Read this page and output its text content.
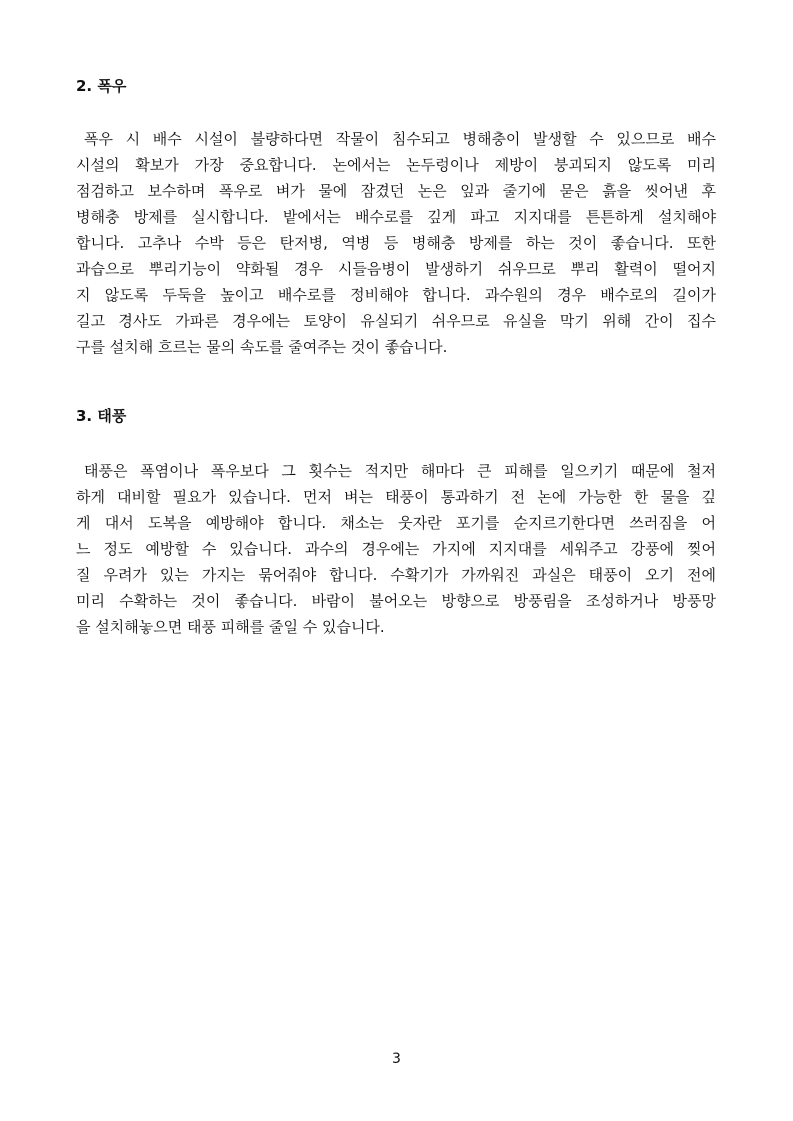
2. 폭우
폭우 시 배수 시설이 불량하다면 작물이 침수되고 병해충이 발생할 수 있으므로 배수
시설의 확보가 가장 중요합니다. 논에서는 논두렁이나 제방이 붕괴되지 않도록 미리
점검하고 보수하며 폭우로 벼가 물에 잠겼던 논은 잎과 줄기에 묻은 흙을 씻어낸 후
병해충 방제를 실시합니다. 밭에서는 배수로를 깊게 파고 지지대를 튼튼하게 설치해야
합니다. 고추나 수박 등은 탄저병, 역병 등 병해충 방제를 하는 것이 좋습니다. 또한
과습으로 뿌리기능이 약화될 경우 시들음병이 발생하기 쉬우므로 뿌리 활력이 떨어지
지 않도록 두둑을 높이고 배수로를 정비해야 합니다. 과수원의 경우 배수로의 길이가
길고 경사도 가파른 경우에는 토양이 유실되기 쉬우므로 유실을 막기 위해 간이 집수
구를 설치해 흐르는 물의 속도를 줄여주는 것이 좋습니다.
3. 태풍
태풍은 폭염이나 폭우보다 그 횟수는 적지만 해마다 큰 피해를 일으키기 때문에 철저
하게 대비할 필요가 있습니다. 먼저 벼는 태풍이 통과하기 전 논에 가능한 한 물을 깊
게 대서 도복을 예방해야 합니다. 채소는 웃자란 포기를 순지르기한다면 쓰러짐을 어
느 정도 예방할 수 있습니다. 과수의 경우에는 가지에 지지대를 세워주고 강풍에 찢어
질 우려가 있는 가지는 묶어줘야 합니다. 수확기가 가까워진 과실은 태풍이 오기 전에
미리 수확하는 것이 좋습니다. 바람이 불어오는 방향으로 방풍림을 조성하거나 방풍망
을 설치해놓으면 태풍 피해를 줄일 수 있습니다.

3
